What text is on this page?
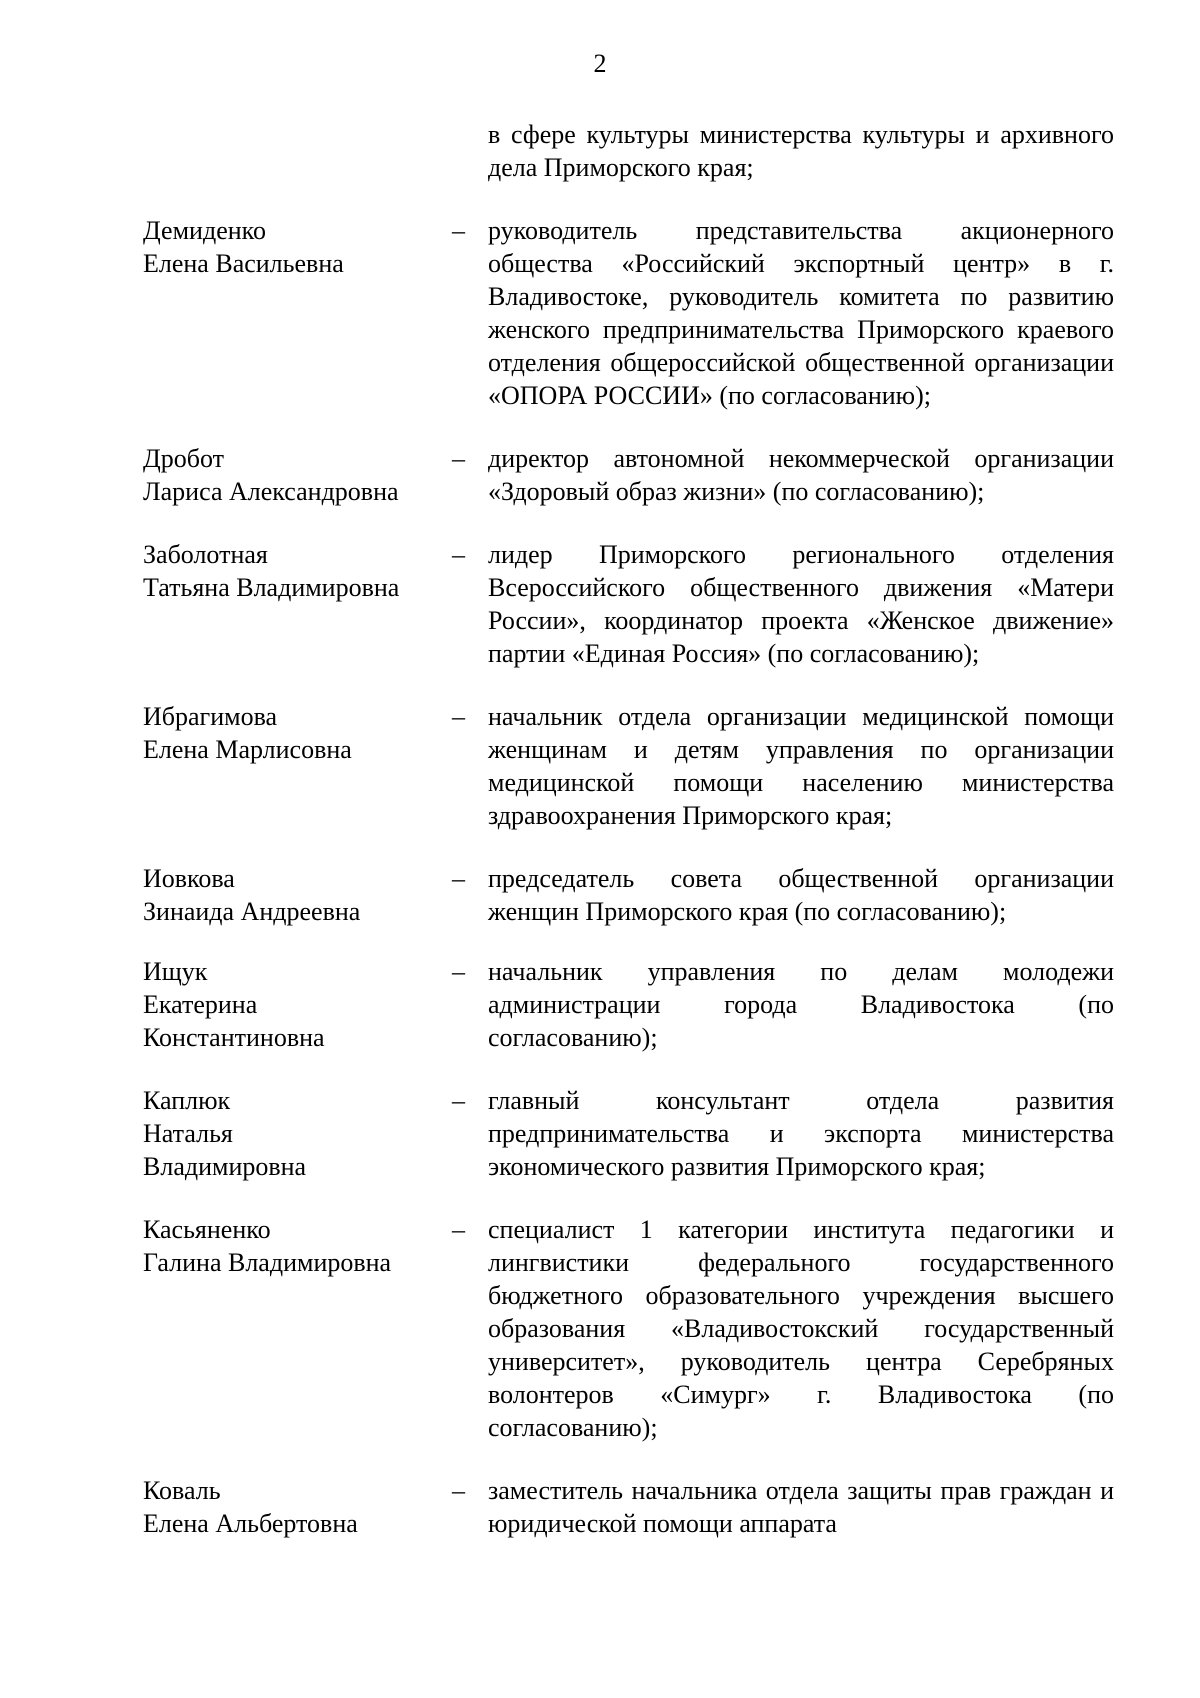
2
в сфере культуры министерства культуры и архивного дела Приморского края;
Демиденко
Елена Васильевна
– руководитель представительства акционерного общества «Российский экспортный центр» в г. Владивостоке, руководитель комитета по развитию женского предпринимательства Приморского краевого отделения общероссийской общественной организации «ОПОРА РОССИИ» (по согласованию);
Дробот
Лариса Александровна
– директор автономной некоммерческой организации «Здоровый образ жизни» (по согласованию);
Заболотная
Татьяна Владимировна
– лидер Приморского регионального отделения Всероссийского общественного движения «Матери России», координатор проекта «Женское движение» партии «Единая Россия» (по согласованию);
Ибрагимова
Елена Марлисовна
– начальник отдела организации медицинской помощи женщинам и детям управления по организации медицинской помощи населению министерства здравоохранения Приморского края;
Иовкова
Зинаида Андреевна
– председатель совета общественной организации женщин Приморского края (по согласованию);
Ищук
Екатерина
Константиновна
– начальник управления по делам молодежи администрации города Владивостока (по согласованию);
Каплюк
Наталья
Владимировна
– главный консультант отдела развития предпринимательства и экспорта министерства экономического развития Приморского края;
Касьяненко
Галина Владимировна
– специалист 1 категории института педагогики и лингвистики федерального государственного бюджетного образовательного учреждения высшего образования «Владивостокский государственный университет», руководитель центра Серебряных волонтеров «Симург» г. Владивостока (по согласованию);
Коваль
Елена Альбертовна
– заместитель начальника отдела защиты прав граждан и юридической помощи аппарата
